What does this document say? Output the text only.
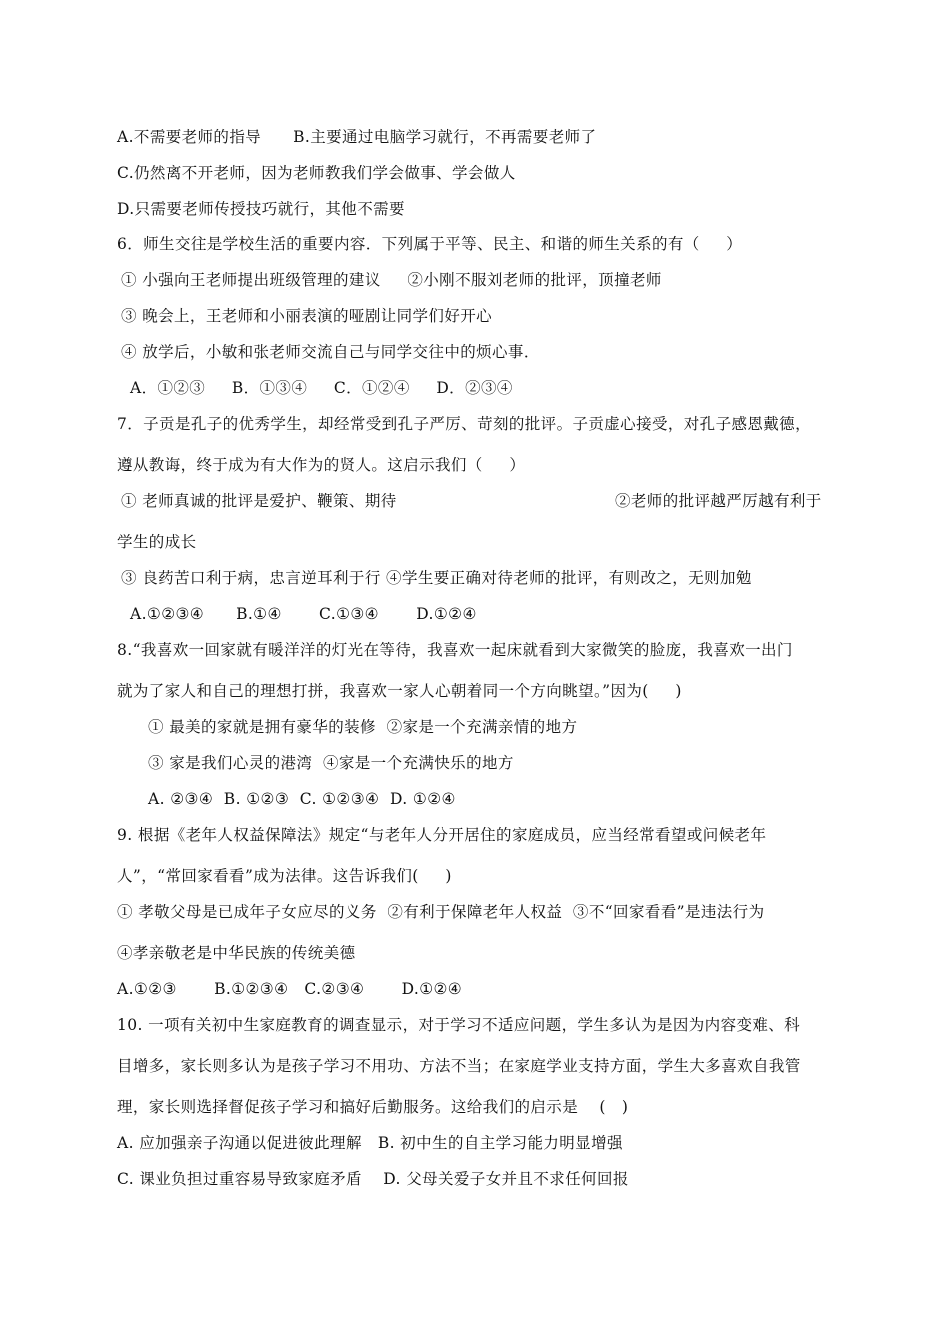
A.不需要老师的指导      B.主要通过电脑学习就行，不再需要老师了
C.仍然离不开老师，因为老师教我们学会做事、学会做人
D.只需要老师传授技巧就行，其他不需要
6．师生交往是学校生活的重要内容．下列属于平等、民主、和谐的师生关系的有（     ）
① 小强向王老师提出班级管理的建议     ②小刚不服刘老师的批评，顶撞老师
③ 晚会上，王老师和小丽表演的哑剧让同学们好开心
④ 放学后，小敏和张老师交流自己与同学交往中的烦心事．
A．①②③     B．①③④     C．①②④     D．②③④
7．子贡是孔子的优秀学生，却经常受到孔子严厉、苛刻的批评。子贡虚心接受，对孔子感恩戴德，
遵从教诲，终于成为有大作为的贤人。这启示我们（     ）
① 老师真诚的批评是爱护、鞭策、期待	②老师的批评越严厉越有利于
学生的成长
③ 良药苦口利于病，忠言逆耳利于行 ④学生要正确对待老师的批评，有则改之，无则加勉
A.①②③④      B.①④       C.①③④       D.①②④
8.“我喜欢一回家就有暖洋洋的灯光在等待，我喜欢一起床就看到大家微笑的脸庞，我喜欢一出门
就为了家人和自己的理想打拼，我喜欢一家人心朝着同一个方向眺望。”因为(     )
① 最美的家就是拥有豪华的装修  ②家是一个充满亲情的地方
③ 家是我们心灵的港湾  ④家是一个充满快乐的地方
A. ②③④  B. ①②③  C. ①②③④  D. ①②④
9. 根据《老年人权益保障法》规定“与老年人分开居住的家庭成员，应当经常看望或问候老年
人”，“常回家看看”成为法律。这告诉我们(     )
① 孝敬父母是已成年子女应尽的义务  ②有利于保障老年人权益  ③不“回家看看”是违法行为
④孝亲敬老是中华民族的传统美德
A.①②③       B.①②③④   C.②③④       D.①②④
10. 一项有关初中生家庭教育的调查显示，对于学习不适应问题，学生多认为是因为内容变难、科
目增多，家长则多认为是孩子学习不用功、方法不当；在家庭学业支持方面，学生大多喜欢自我管
理，家长则选择督促孩子学习和搞好后勤服务。这给我们的启示是    (   )
A. 应加强亲子沟通以促进彼此理解   B. 初中生的自主学习能力明显增强
C. 课业负担过重容易导致家庭矛盾    D. 父母关爱子女并且不求任何回报
